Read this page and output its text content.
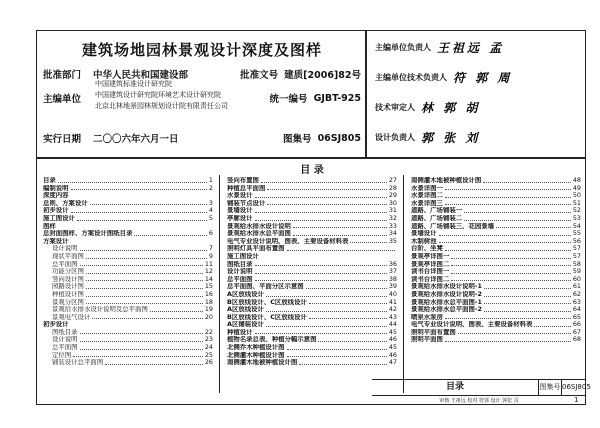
建筑场地园林景观设计深度及图样
批准部门	中华人民共和国建设部	批准文号 建质[2006]82号
主编单位	统一编号 GJBT-925
中国建筑标准设计研究院
中国建筑设计研究院环境艺术设计研究院
北京北林地景园林规划设计院有限责任公司
实行日期	二〇〇六年六月一日	图集号 06SJ805
主编单位负责人 王祖远 孟
主编单位技术负责人 符 郭 周
技术审定人 林 郭 胡
设计负责人 郭 张 刘
目 录
目录	1
编制说明	2
深度内容
总则、方案设计	3
初步设计	4
施工图设计	5
图样
总封面图样、方案设计图纸目录	6
方案设计
设计说明	7
现状平面图	9
总平面图	11
功能分区图	12
竖向设计图	14
园路设计图	15
种植设计图	16
景观分区图	18
景观给水排水设计说明及总平面图	19
景观电气设计	20
初步设计
图纸目录	22
设计说明	23
总平面图	24
定位图	25
铺装设计总平面图	26
竖向布置图	27
种植总平面图	28
水景设计	29
铺装节点设计	30
景墙设计	31
亭廊设计	32
景观给水排水设计说明	33
景观给水排水总平面图	34
电气专业设计说明、图表、主要设备材料表	35
照明灯具平面布置图
施工图设计
图纸目录	36
设计说明	37
总平面图	38
总平面图、平面分区示意图	39
A区放线设计	40
B区放线设计、C区放线设计	41
A区放线设计	42
B区放线设计、C区放线设计	43
A区铺装设计	44
种植设计	45
植物名录总表、种植分幅示意图	46
北侧乔木种植设计图	45
北侧灌木种植设计图	46
南侧灌木地被种植设计图	47
南侧灌木地被种植设计图	48
水景详图一	49
水景详图二	50
水景详图三	51
道路、广场铺装一	52
道路、广场铺装二	53
道路、广场铺装三、花园景墙	54
景墙设计	55
木制树池	56
台阶、坐凳	57
景观亭详图一	57
景观亭详图二	58
读书台详图一	59
读书台详图二	60
景观给水排水设计说明-1	61
景观给水排水设计说明-2	62
景观给水排水总平面图-1	63
景观给水排水总平面图-2	64
喷泉水泵房	65
电气专业设计说明、图表、主要设备材料表	66
照明平面布置图	67
照明平面图	68
目录	图集号 06SJ805
审核 王祖远 校对 符郭 设计 郭张 页	1
